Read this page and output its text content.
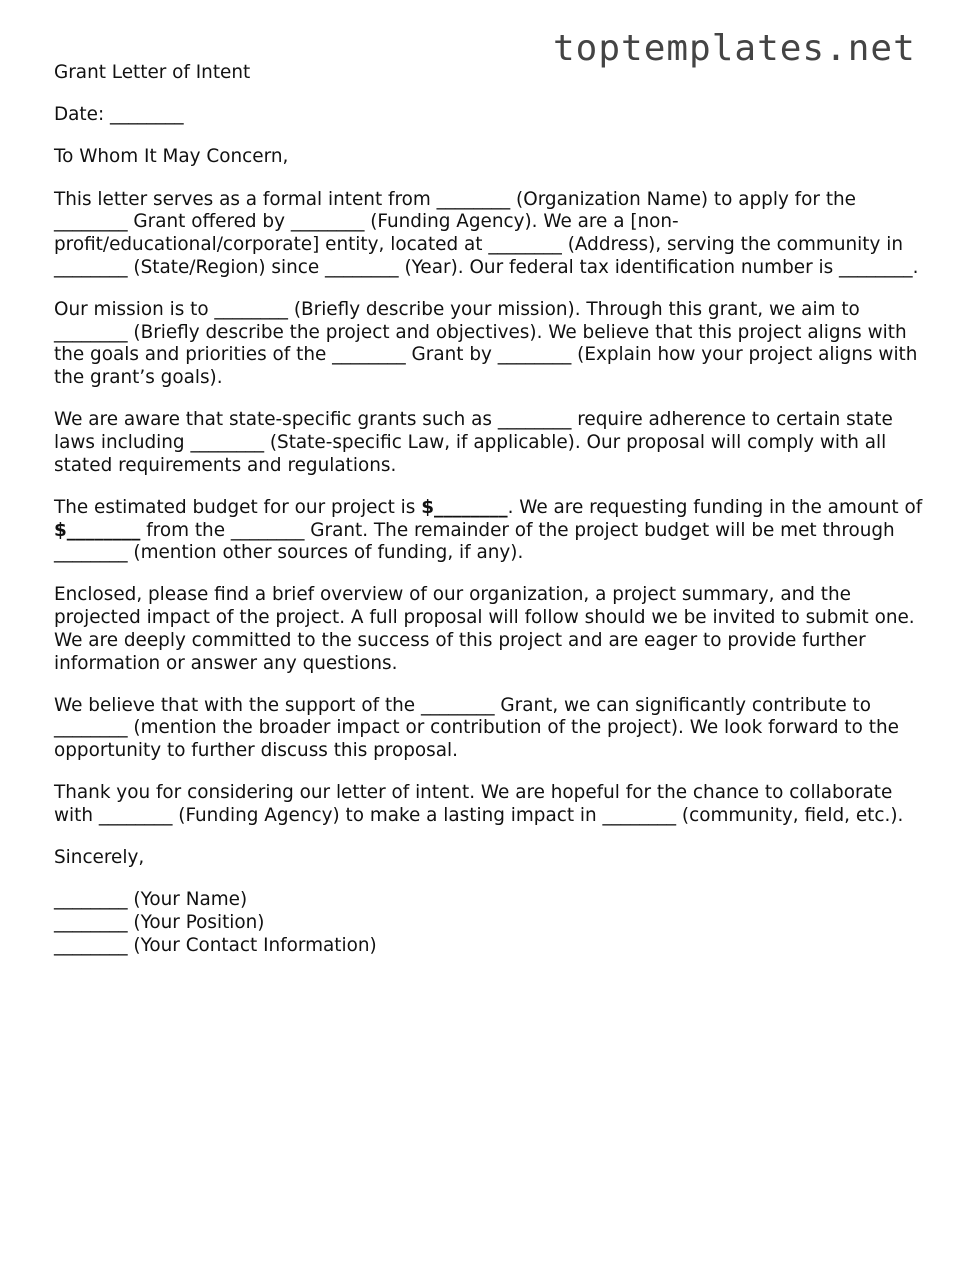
toptemplates.net

Grant Letter of Intent

Date: ________

To Whom It May Concern,

This letter serves as a formal intent from ________ (Organization Name) to apply for the ________ Grant offered by ________ (Funding Agency). We are a [non-profit/educational/corporate] entity, located at ________ (Address), serving the community in ________ (State/Region) since ________ (Year). Our federal tax identification number is ________.

Our mission is to ________ (Briefly describe your mission). Through this grant, we aim to ________ (Briefly describe the project and objectives). We believe that this project aligns with the goals and priorities of the ________ Grant by ________ (Explain how your project aligns with the grant’s goals).

We are aware that state-specific grants such as ________ require adherence to certain state laws including ________ (State-specific Law, if applicable). Our proposal will comply with all stated requirements and regulations.

The estimated budget for our project is $________. We are requesting funding in the amount of $________ from the ________ Grant. The remainder of the project budget will be met through ________ (mention other sources of funding, if any).

Enclosed, please find a brief overview of our organization, a project summary, and the projected impact of the project. A full proposal will follow should we be invited to submit one. We are deeply committed to the success of this project and are eager to provide further information or answer any questions.

We believe that with the support of the ________ Grant, we can significantly contribute to ________ (mention the broader impact or contribution of the project). We look forward to the opportunity to further discuss this proposal.

Thank you for considering our letter of intent. We are hopeful for the chance to collaborate with ________ (Funding Agency) to make a lasting impact in ________ (community, field, etc.).

Sincerely,

________ (Your Name)

________ (Your Position)

________ (Your Contact Information)
